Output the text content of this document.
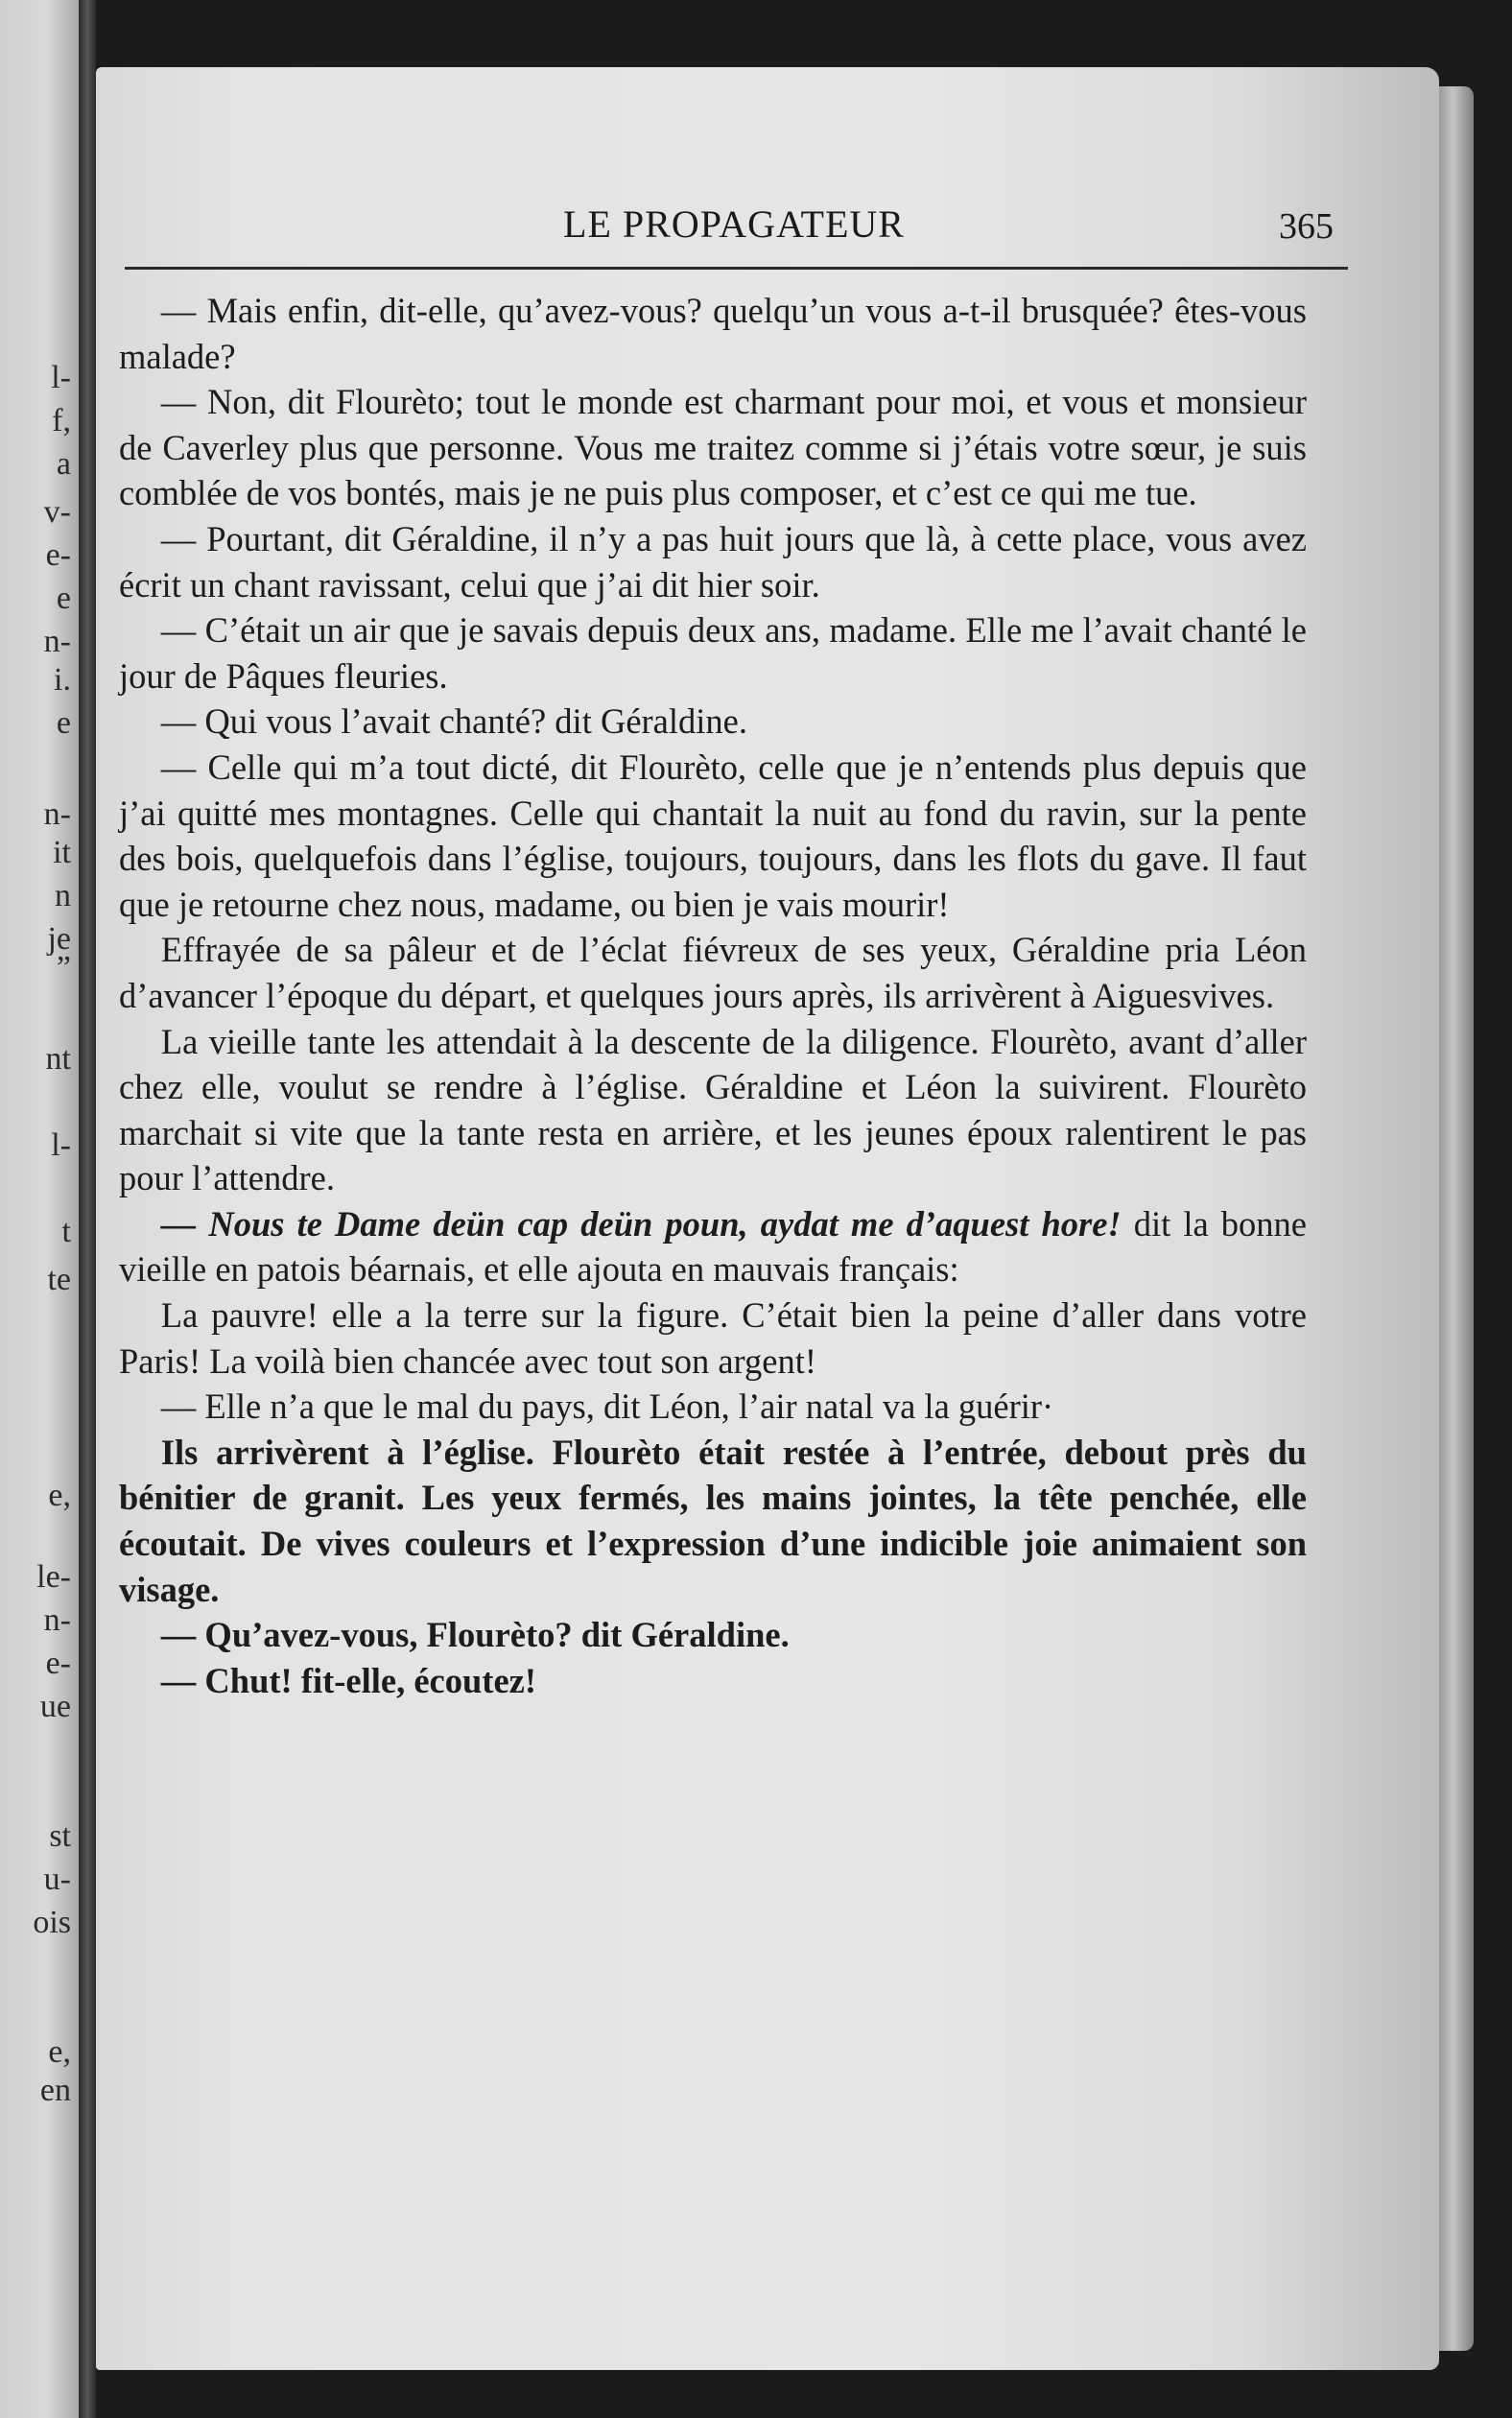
l-
f,
a
v-
e-
e
n-
i.
e
n-
it
n
je
”
nt
l-
t
te
e,
le-
n-
e-
ue
st
u-
ois
e,
en
LE PROPAGATEUR	365

— Mais enfin, dit-elle, qu’avez-vous? quelqu’un vous a-t-il brusquée? êtes-vous malade?

— Non, dit Flourèto; tout le monde est charmant pour moi, et vous et monsieur de Caverley plus que personne. Vous me traitez comme si j’étais votre sœur, je suis comblée de vos bontés, mais je ne puis plus composer, et c’est ce qui me tue.

— Pourtant, dit Géraldine, il n’y a pas huit jours que là, à cette place, vous avez écrit un chant ravissant, celui que j’ai dit hier soir.

— C’était un air que je savais depuis deux ans, madame. Elle me l’avait chanté le jour de Pâques fleuries.

— Qui vous l’avait chanté? dit Géraldine.

— Celle qui m’a tout dicté, dit Flourèto, celle que je n’entends plus depuis que j’ai quitté mes montagnes. Celle qui chantait la nuit au fond du ravin, sur la pente des bois, quelquefois dans l’église, toujours, toujours, dans les flots du gave. Il faut que je retourne chez nous, madame, ou bien je vais mourir!

Effrayée de sa pâleur et de l’éclat fiévreux de ses yeux, Géraldine pria Léon d’avancer l’époque du départ, et quelques jours après, ils arrivèrent à Aiguesvives.

La vieille tante les attendait à la descente de la diligence. Flourèto, avant d’aller chez elle, voulut se rendre à l’église. Géraldine et Léon la suivirent. Flourèto marchait si vite que la tante resta en arrière, et les jeunes époux ralentirent le pas pour l’attendre.

— Nous te Dame deün cap deün poun, aydat me d’aquest hore! dit la bonne vieille en patois béarnais, et elle ajouta en mauvais français:

La pauvre! elle a la terre sur la figure. C’était bien la peine d’aller dans votre Paris! La voilà bien chancée avec tout son argent!

— Elle n’a que le mal du pays, dit Léon, l’air natal va la guérir·

Ils arrivèrent à l’église. Flourèto était restée à l’entrée, debout près du bénitier de granit. Les yeux fermés, les mains jointes, la tête penchée, elle écoutait. De vives couleurs et l’expression d’une indicible joie animaient son visage.

— Qu’avez-vous, Flourèto? dit Géraldine.

— Chut! fit-elle, écoutez!
